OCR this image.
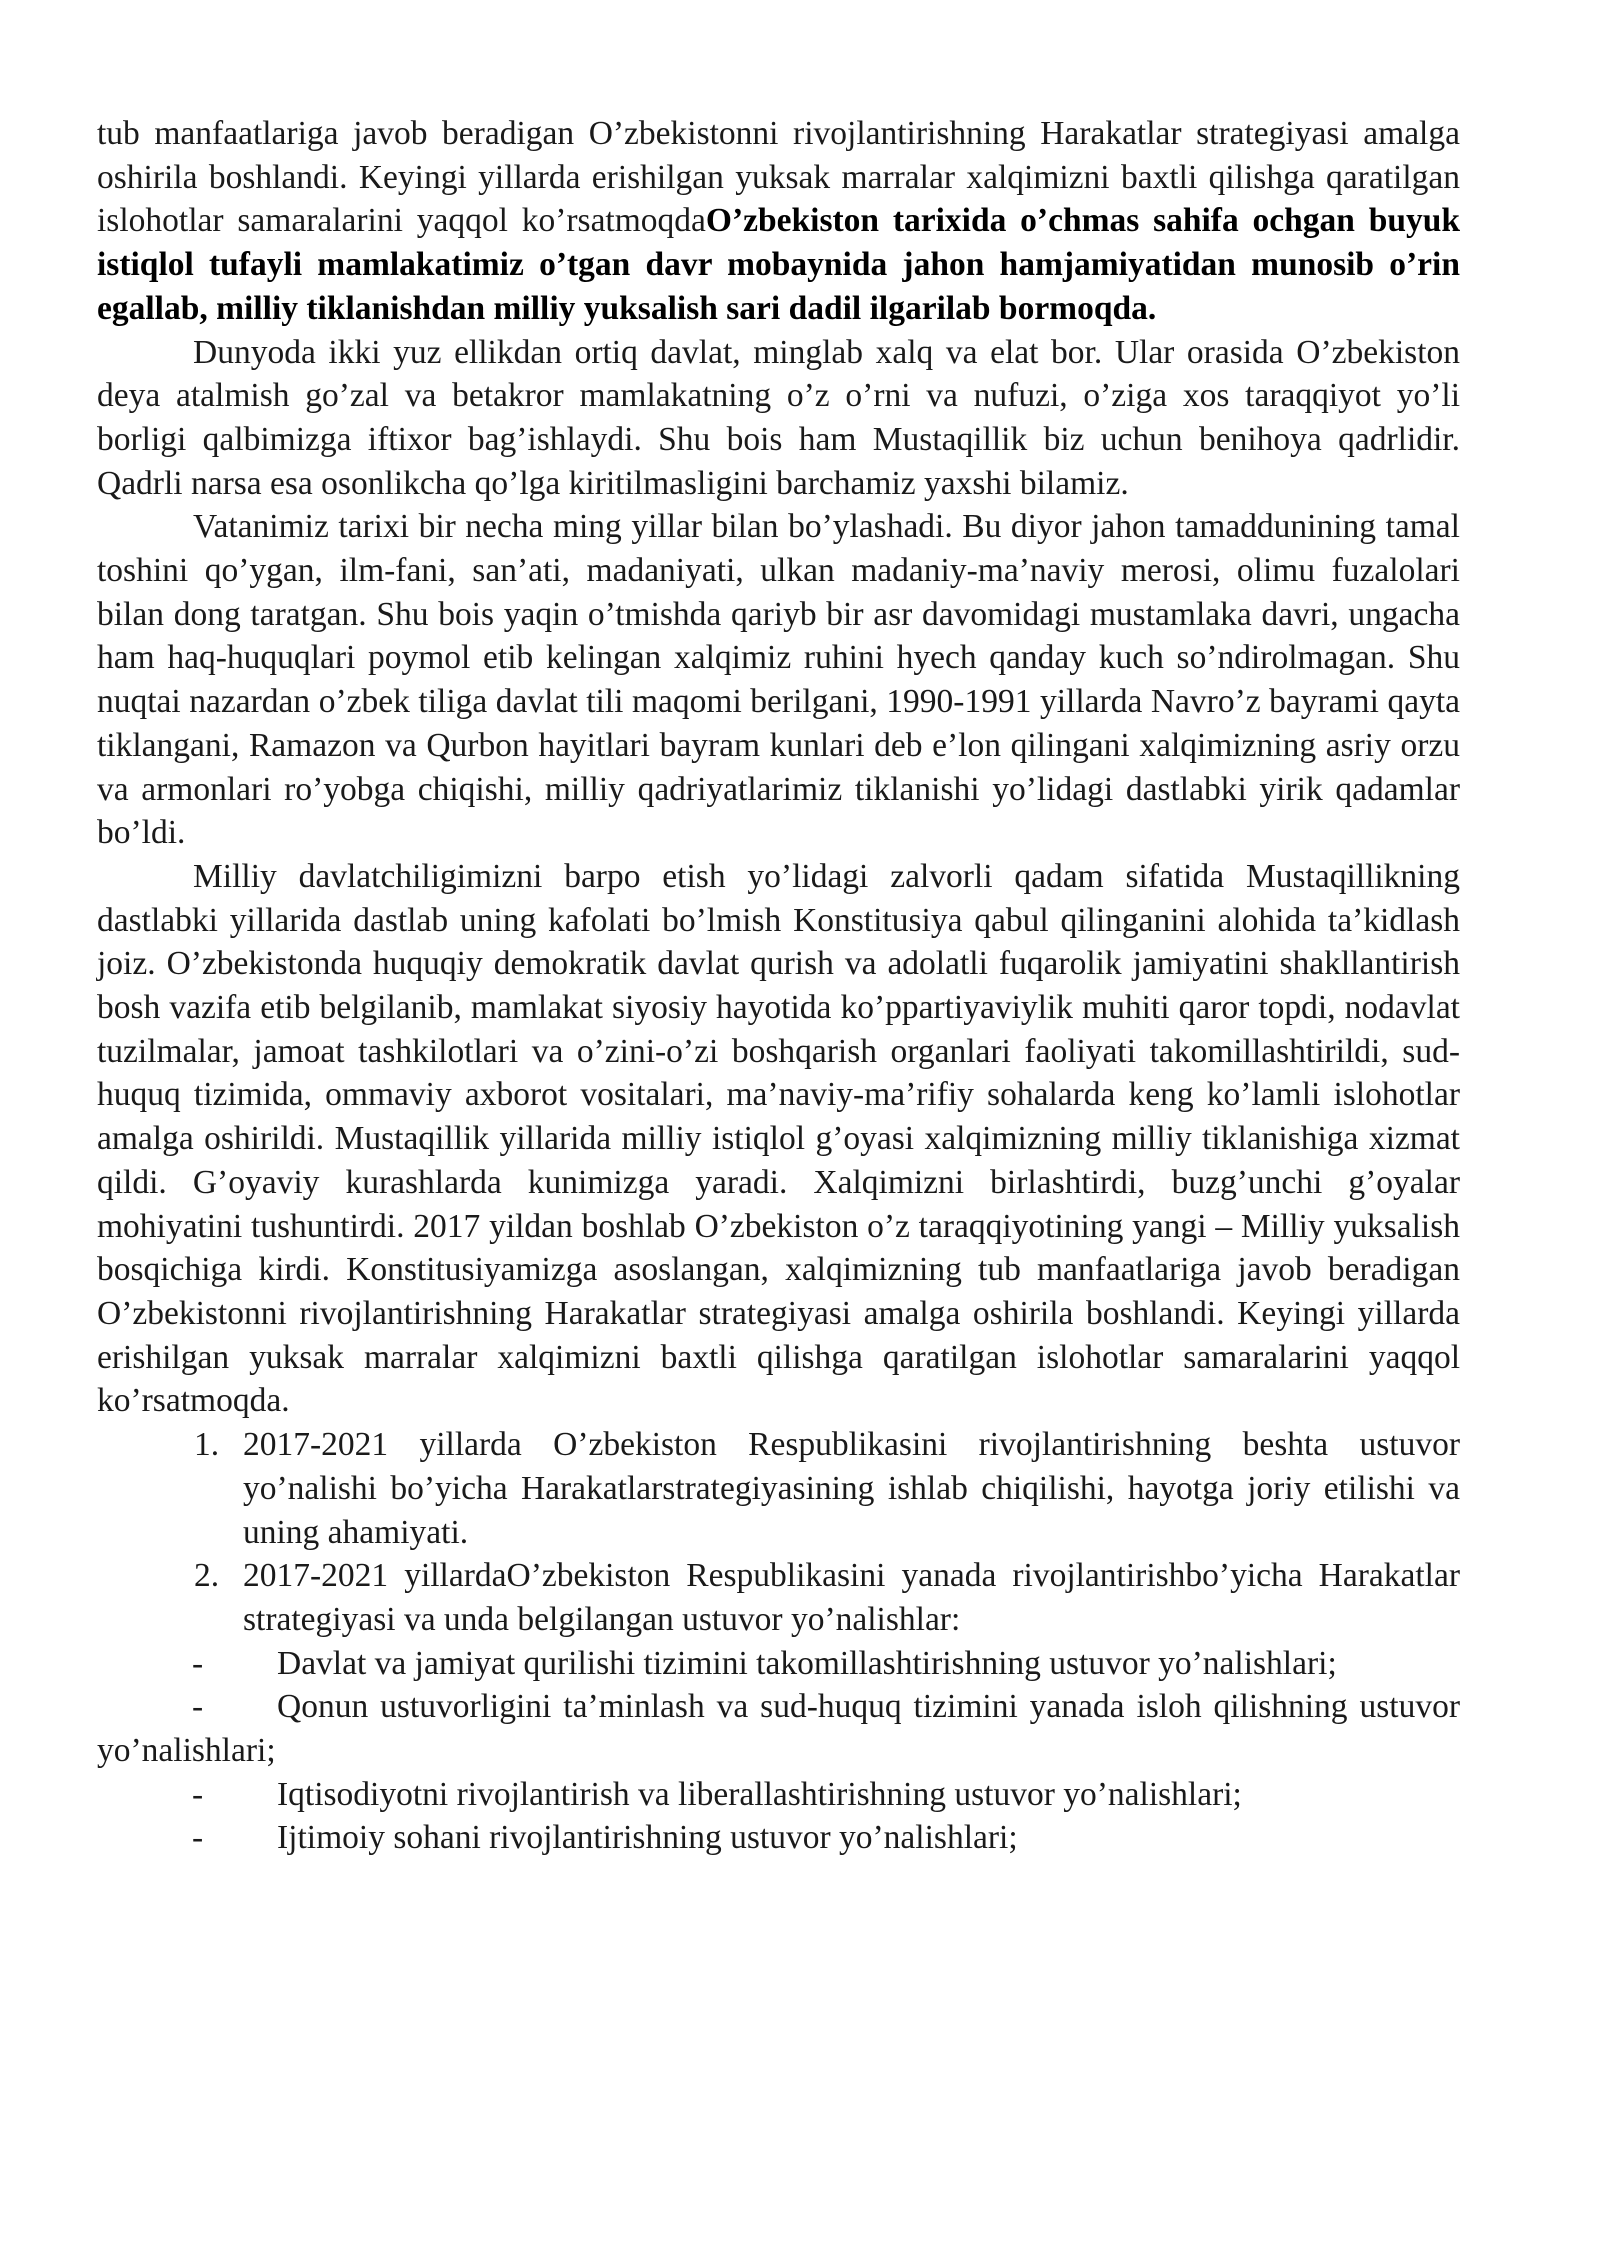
tub manfaatlariga javob beradigan O’zbekistonni rivojlantirishning Harakatlar strategiyasi amalga oshirila boshlandi. Keyingi yillarda erishilgan yuksak marralar xalqimizni baxtli qilishga qaratilgan islohotlar samaralarini yaqqol ko’rsatmoqdaO’zbekiston tarixida o’chmas sahifa ochgan buyuk istiqlol tufayli mamlakatimiz o’tgan davr mobaynida jahon hamjamiyatidan munosib o’rin egallab, milliy tiklanishdan milliy yuksalish sari dadil ilgarilab bormoqda.

Dunyoda ikki yuz ellikdan ortiq davlat, minglab xalq va elat bor. Ular orasida O’zbekiston deya atalmish go’zal va betakror mamlakatning o’z o’rni va nufuzi, o’ziga xos taraqqiyot yo’li borligi qalbimizga iftixor bag’ishlaydi. Shu bois ham Mustaqillik biz uchun benihoya qadrlidir. Qadrli narsa esa osonlikcha qo’lga kiritilmasligini barchamiz yaxshi bilamiz.

Vatanimiz tarixi bir necha ming yillar bilan bo’ylashadi. Bu diyor jahon tamaddunining tamal toshini qo’ygan, ilm-fani, san’ati, madaniyati, ulkan madaniy-ma’naviy merosi, olimu fuzalolari bilan dong taratgan. Shu bois yaqin o’tmishda qariyb bir asr davomidagi mustamlaka davri, ungacha ham haq-huquqlari poymol etib kelingan xalqimiz ruhini hyech qanday kuch so’ndirolmagan. Shu nuqtai nazardan o’zbek tiliga davlat tili maqomi berilgani, 1990-1991 yillarda Navro’z bayrami qayta tiklangani, Ramazon va Qurbon hayitlari bayram kunlari deb e’lon qilingani xalqimizning asriy orzu va armonlari ro’yobga chiqishi, milliy qadriyatlarimiz tiklanishi yo’lidagi dastlabki yirik qadamlar bo’ldi.

Milliy davlatchiligimizni barpo etish yo’lidagi zalvorli qadam sifatida Mustaqillikning dastlabki yillarida dastlab uning kafolati bo’lmish Konstitusiya qabul qilinganini alohida ta’kidlash joiz. O’zbekistonda huquqiy demokratik davlat qurish va adolatli fuqarolik jamiyatini shakllantirish bosh vazifa etib belgilanib, mamlakat siyosiy hayotida ko’ppartiyaviylik muhiti qaror topdi, nodavlat tuzilmalar, jamoat tashkilotlari va o’zini-o’zi boshqarish organlari faoliyati takomillashtirildi, sud-huquq tizimida, ommaviy axborot vositalari, ma’naviy-ma’rifiy sohalarda keng ko’lamli islohotlar amalga oshirildi. Mustaqillik yillarida milliy istiqlol g’oyasi xalqimizning milliy tiklanishiga xizmat qildi. G’oyaviy kurashlarda kunimizga yaradi. Xalqimizni birlashtirdi, buzg’unchi g’oyalar mohiyatini tushuntirdi. 2017 yildan boshlab O’zbekiston o’z taraqqiyotining yangi – Milliy yuksalish bosqichiga kirdi. Konstitusiyamizga asoslangan, xalqimizning tub manfaatlariga javob beradigan O’zbekistonni rivojlantirishning Harakatlar strategiyasi amalga oshirila boshlandi. Keyingi yillarda erishilgan yuksak marralar xalqimizni baxtli qilishga qaratilgan islohotlar samaralarini yaqqol ko’rsatmoqda.

1. 2017-2021 yillarda O’zbekiston Respublikasini rivojlantirishning beshta ustuvor yo’nalishi bo’yicha Harakatlarstrategiyasining ishlab chiqilishi, hayotga joriy etilishi va uning ahamiyati.
2. 2017-2021 yillardaO’zbekiston Respublikasini yanada rivojlantirishbo’yicha Harakatlar strategiyasi va unda belgilangan ustuvor yo’nalishlar:

- Davlat va jamiyat qurilishi tizimini takomillashtirishning ustuvor yo’nalishlari;

- Qonun ustuvorligini ta’minlash va sud-huquq tizimini yanada isloh qilishning ustuvor yo’nalishlari;

- Iqtisodiyotni rivojlantirish va liberallashtirishning ustuvor yo’nalishlari;

- Ijtimoiy sohani rivojlantirishning ustuvor yo’nalishlari;
